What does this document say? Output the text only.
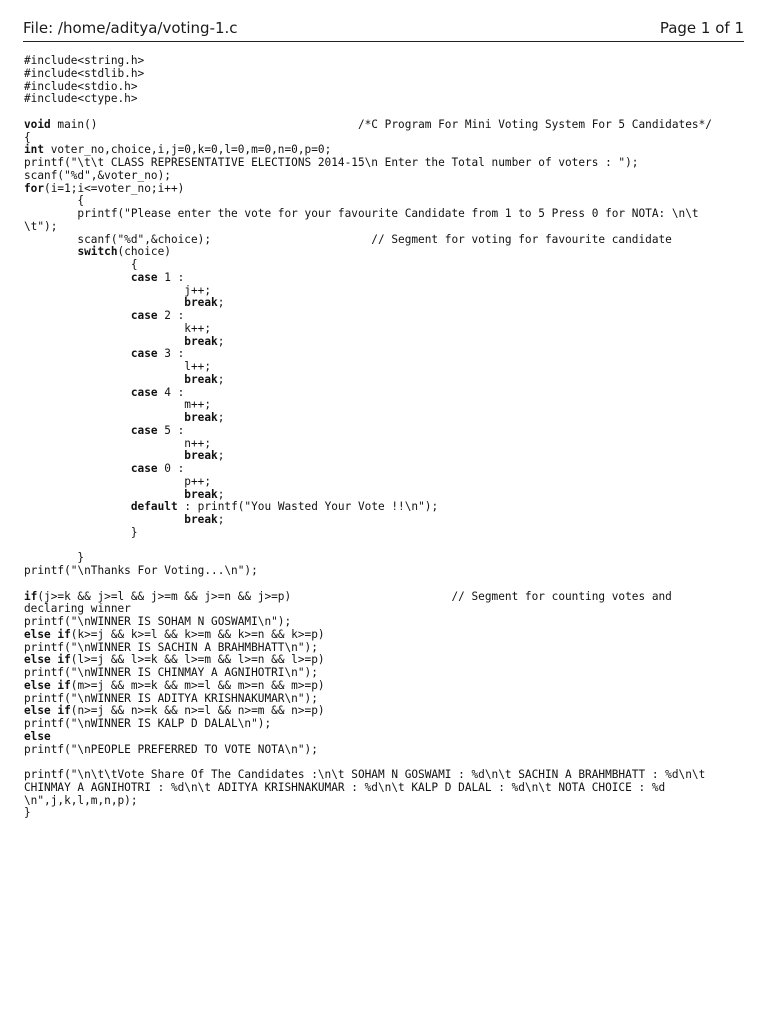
File: /home/aditya/voting-1.c	Page 1 of 1
#include<string.h>
#include<stdlib.h>
#include<stdio.h>
#include<ctype.h>
void main()                                       /*C Program For Mini Voting System For 5 Candidates*/
{
int voter_no,choice,i,j=0,k=0,l=0,m=0,n=0,p=0;
printf("\t\t CLASS REPRESENTATIVE ELECTIONS 2014-15\n Enter the Total number of voters : ");
scanf("%d",&voter_no);
for(i=1;i<=voter_no;i++)
{
printf("Please enter the vote for your favourite Candidate from 1 to 5 Press 0 for NOTA: \n\t
\t");
scanf("%d",&choice);                        // Segment for voting for favourite candidate
switch(choice)
{
case 1 :
j++;
break;
case 2 :
k++;
break;
case 3 :
l++;
break;
case 4 :
m++;
break;
case 5 :
n++;
break;
case 0 :
p++;
break;
default : printf("You Wasted Your Vote !!\n");
break;
}
}
printf("\nThanks For Voting...\n");
if(j>=k && j>=l && j>=m && j>=n && j>=p)                        // Segment for counting votes and
declaring winner
printf("\nWINNER IS SOHAM N GOSWAMI\n");
else if(k>=j && k>=l && k>=m && k>=n && k>=p)
printf("\nWINNER IS SACHIN A BRAHMBHATT\n");
else if(l>=j && l>=k && l>=m && l>=n && l>=p)
printf("\nWINNER IS CHINMAY A AGNIHOTRI\n");
else if(m>=j && m>=k && m>=l && m>=n && m>=p)
printf("\nWINNER IS ADITYA KRISHNAKUMAR\n");
else if(n>=j && n>=k && n>=l && n>=m && n>=p)
printf("\nWINNER IS KALP D DALAL\n");
else
printf("\nPEOPLE PREFERRED TO VOTE NOTA\n");
printf("\n\t\tVote Share Of The Candidates :\n\t SOHAM N GOSWAMI : %d\n\t SACHIN A BRAHMBHATT : %d\n\t
CHINMAY A AGNIHOTRI : %d\n\t ADITYA KRISHNAKUMAR : %d\n\t KALP D DALAL : %d\n\t NOTA CHOICE : %d
\n",j,k,l,m,n,p);
}
